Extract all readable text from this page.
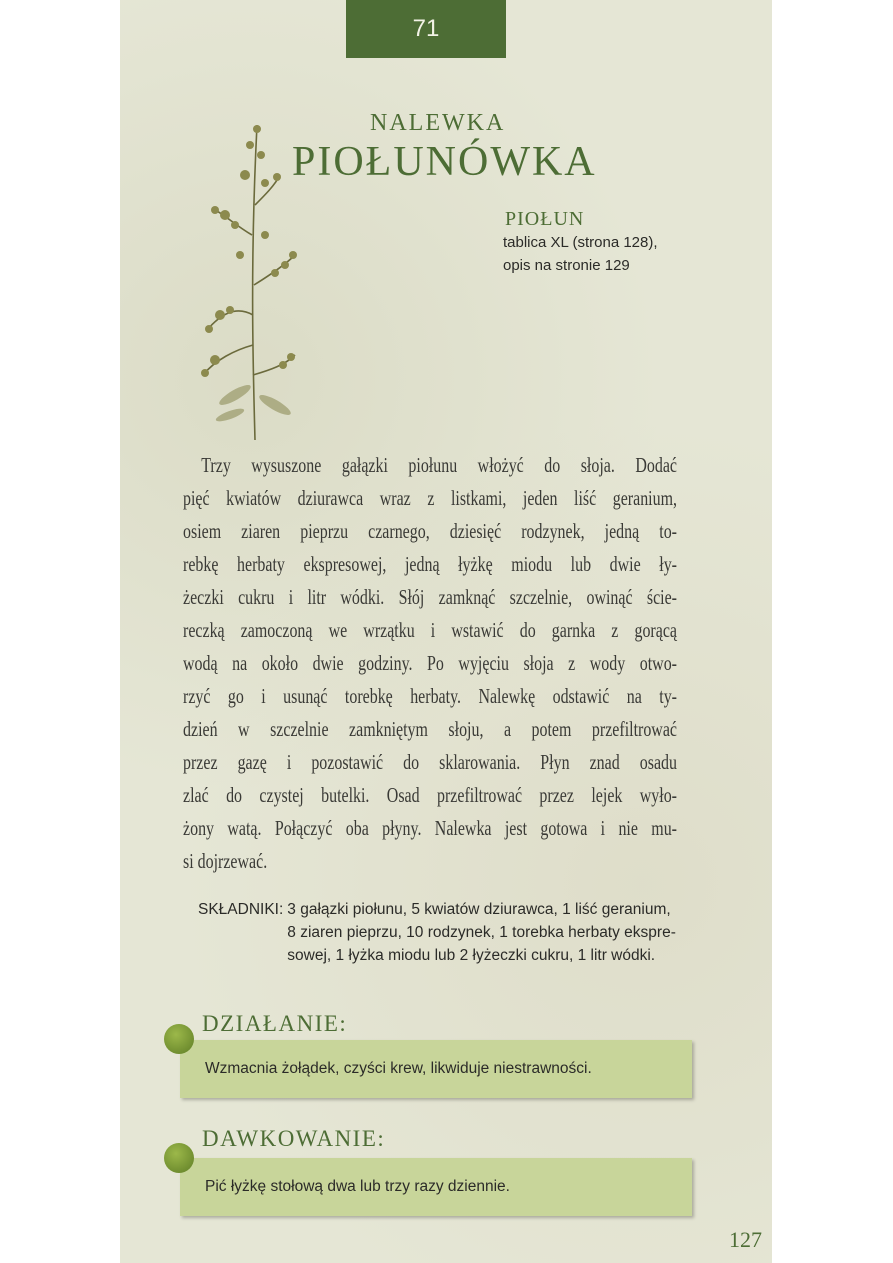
71
NALEWKA
PIOŁUNÓWKA
PIOŁUN
tablica XL (strona 128),
opis na stronie 129
Trzy wysuszone gałązki piołunu włożyć do słoja. Dodać
pięć kwiatów dziurawca wraz z listkami, jeden liść geranium,
osiem ziaren pieprzu czarnego, dziesięć rodzynek, jedną to-
rebkę herbaty ekspresowej, jedną łyżkę miodu lub dwie ły-
żeczki cukru i litr wódki. Słój zamknąć szczelnie, owinąć ście-
reczką zamoczoną we wrzątku i wstawić do garnka z gorącą
wodą na około dwie godziny. Po wyjęciu słoja z wody otwo-
rzyć go i usunąć torebkę herbaty. Nalewkę odstawić na ty-
dzień w szczelnie zamkniętym słoju, a potem przefiltrować
przez gazę i pozostawić do sklarowania. Płyn znad osadu
zlać do czystej butelki. Osad przefiltrować przez lejek wyło-
żony watą. Połączyć oba płyny. Nalewka jest gotowa i nie mu-
si dojrzewać.
SKŁADNIKI: 3 gałązki piołunu, 5 kwiatów dziurawca, 1 liść geranium,
8 ziaren pieprzu, 10 rodzynek, 1 torebka herbaty ekspre-
sowej, 1 łyżka miodu lub 2 łyżeczki cukru, 1 litr wódki.
Wzmacnia żołądek, czyści krew, likwiduje niestrawności.
DZIAŁANIE:
Pić łyżkę stołową dwa lub trzy razy dziennie.
DAWKOWANIE:
127
